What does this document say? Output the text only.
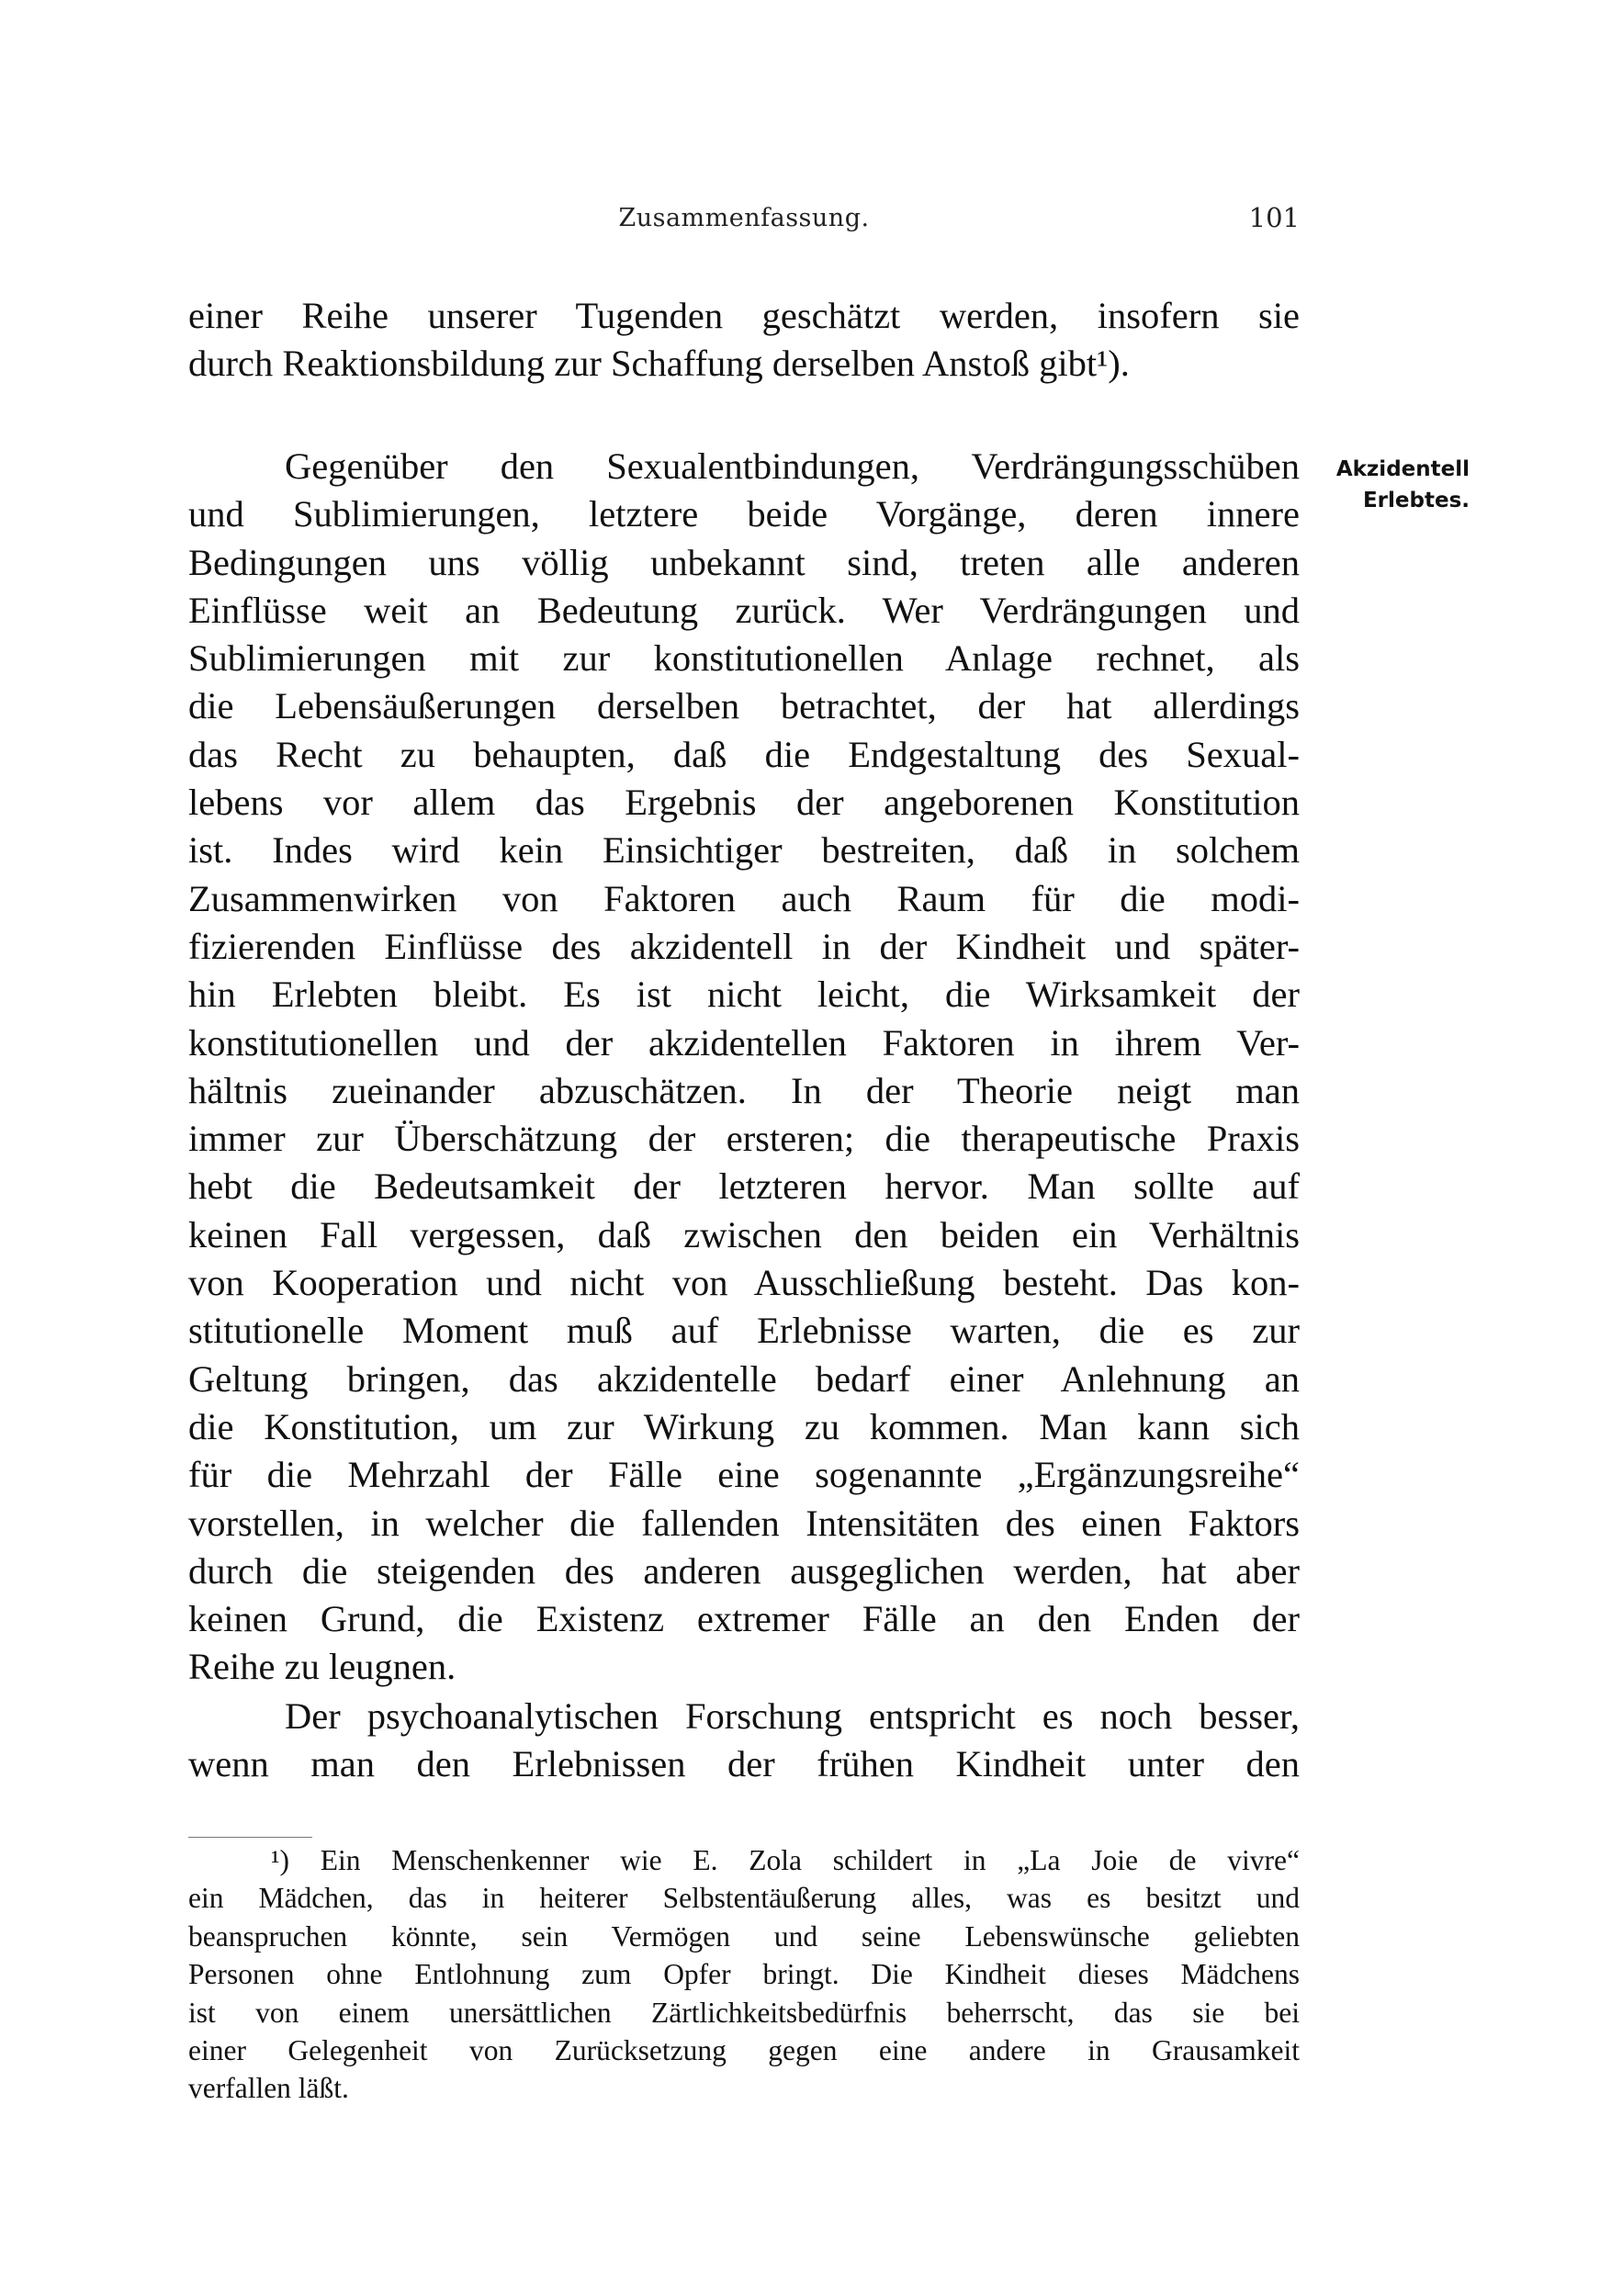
Zusammenfassung.	101
einer Reihe unserer Tugenden geschätzt werden, insofern sie
durch Reaktionsbildung zur Schaffung derselben Anstoß gibt¹).
Akzidentell
Erlebtes.
Gegenüber den Sexualentbindungen, Verdrängungsschüben
und Sublimierungen, letztere beide Vorgänge, deren innere
Bedingungen uns völlig unbekannt sind, treten alle anderen
Einflüsse weit an Bedeutung zurück. Wer Verdrängungen und
Sublimierungen mit zur konstitutionellen Anlage rechnet, als
die Lebensäußerungen derselben betrachtet, der hat allerdings
das Recht zu behaupten, daß die Endgestaltung des Sexual-
lebens vor allem das Ergebnis der angeborenen Konstitution
ist. Indes wird kein Einsichtiger bestreiten, daß in solchem
Zusammenwirken von Faktoren auch Raum für die modi-
fizierenden Einflüsse des akzidentell in der Kindheit und später-
hin Erlebten bleibt. Es ist nicht leicht, die Wirksamkeit der
konstitutionellen und der akzidentellen Faktoren in ihrem Ver-
hältnis zueinander abzuschätzen. In der Theorie neigt man
immer zur Überschätzung der ersteren; die therapeutische Praxis
hebt die Bedeutsamkeit der letzteren hervor. Man sollte auf
keinen Fall vergessen, daß zwischen den beiden ein Verhältnis
von Kooperation und nicht von Ausschließung besteht. Das kon-
stitutionelle Moment muß auf Erlebnisse warten, die es zur
Geltung bringen, das akzidentelle bedarf einer Anlehnung an
die Konstitution, um zur Wirkung zu kommen. Man kann sich
für die Mehrzahl der Fälle eine sogenannte „Ergänzungsreihe“
vorstellen, in welcher die fallenden Intensitäten des einen Faktors
durch die steigenden des anderen ausgeglichen werden, hat aber
keinen Grund, die Existenz extremer Fälle an den Enden der
Reihe zu leugnen.
Der psychoanalytischen Forschung entspricht es noch besser,
wenn man den Erlebnissen der frühen Kindheit unter den
¹) Ein Menschenkenner wie E. Zola schildert in „La Joie de vivre“
ein Mädchen, das in heiterer Selbstentäußerung alles, was es besitzt und
beanspruchen könnte, sein Vermögen und seine Lebenswünsche geliebten
Personen ohne Entlohnung zum Opfer bringt. Die Kindheit dieses Mädchens
ist von einem unersättlichen Zärtlichkeitsbedürfnis beherrscht, das sie bei
einer Gelegenheit von Zurücksetzung gegen eine andere in Grausamkeit
verfallen läßt.
